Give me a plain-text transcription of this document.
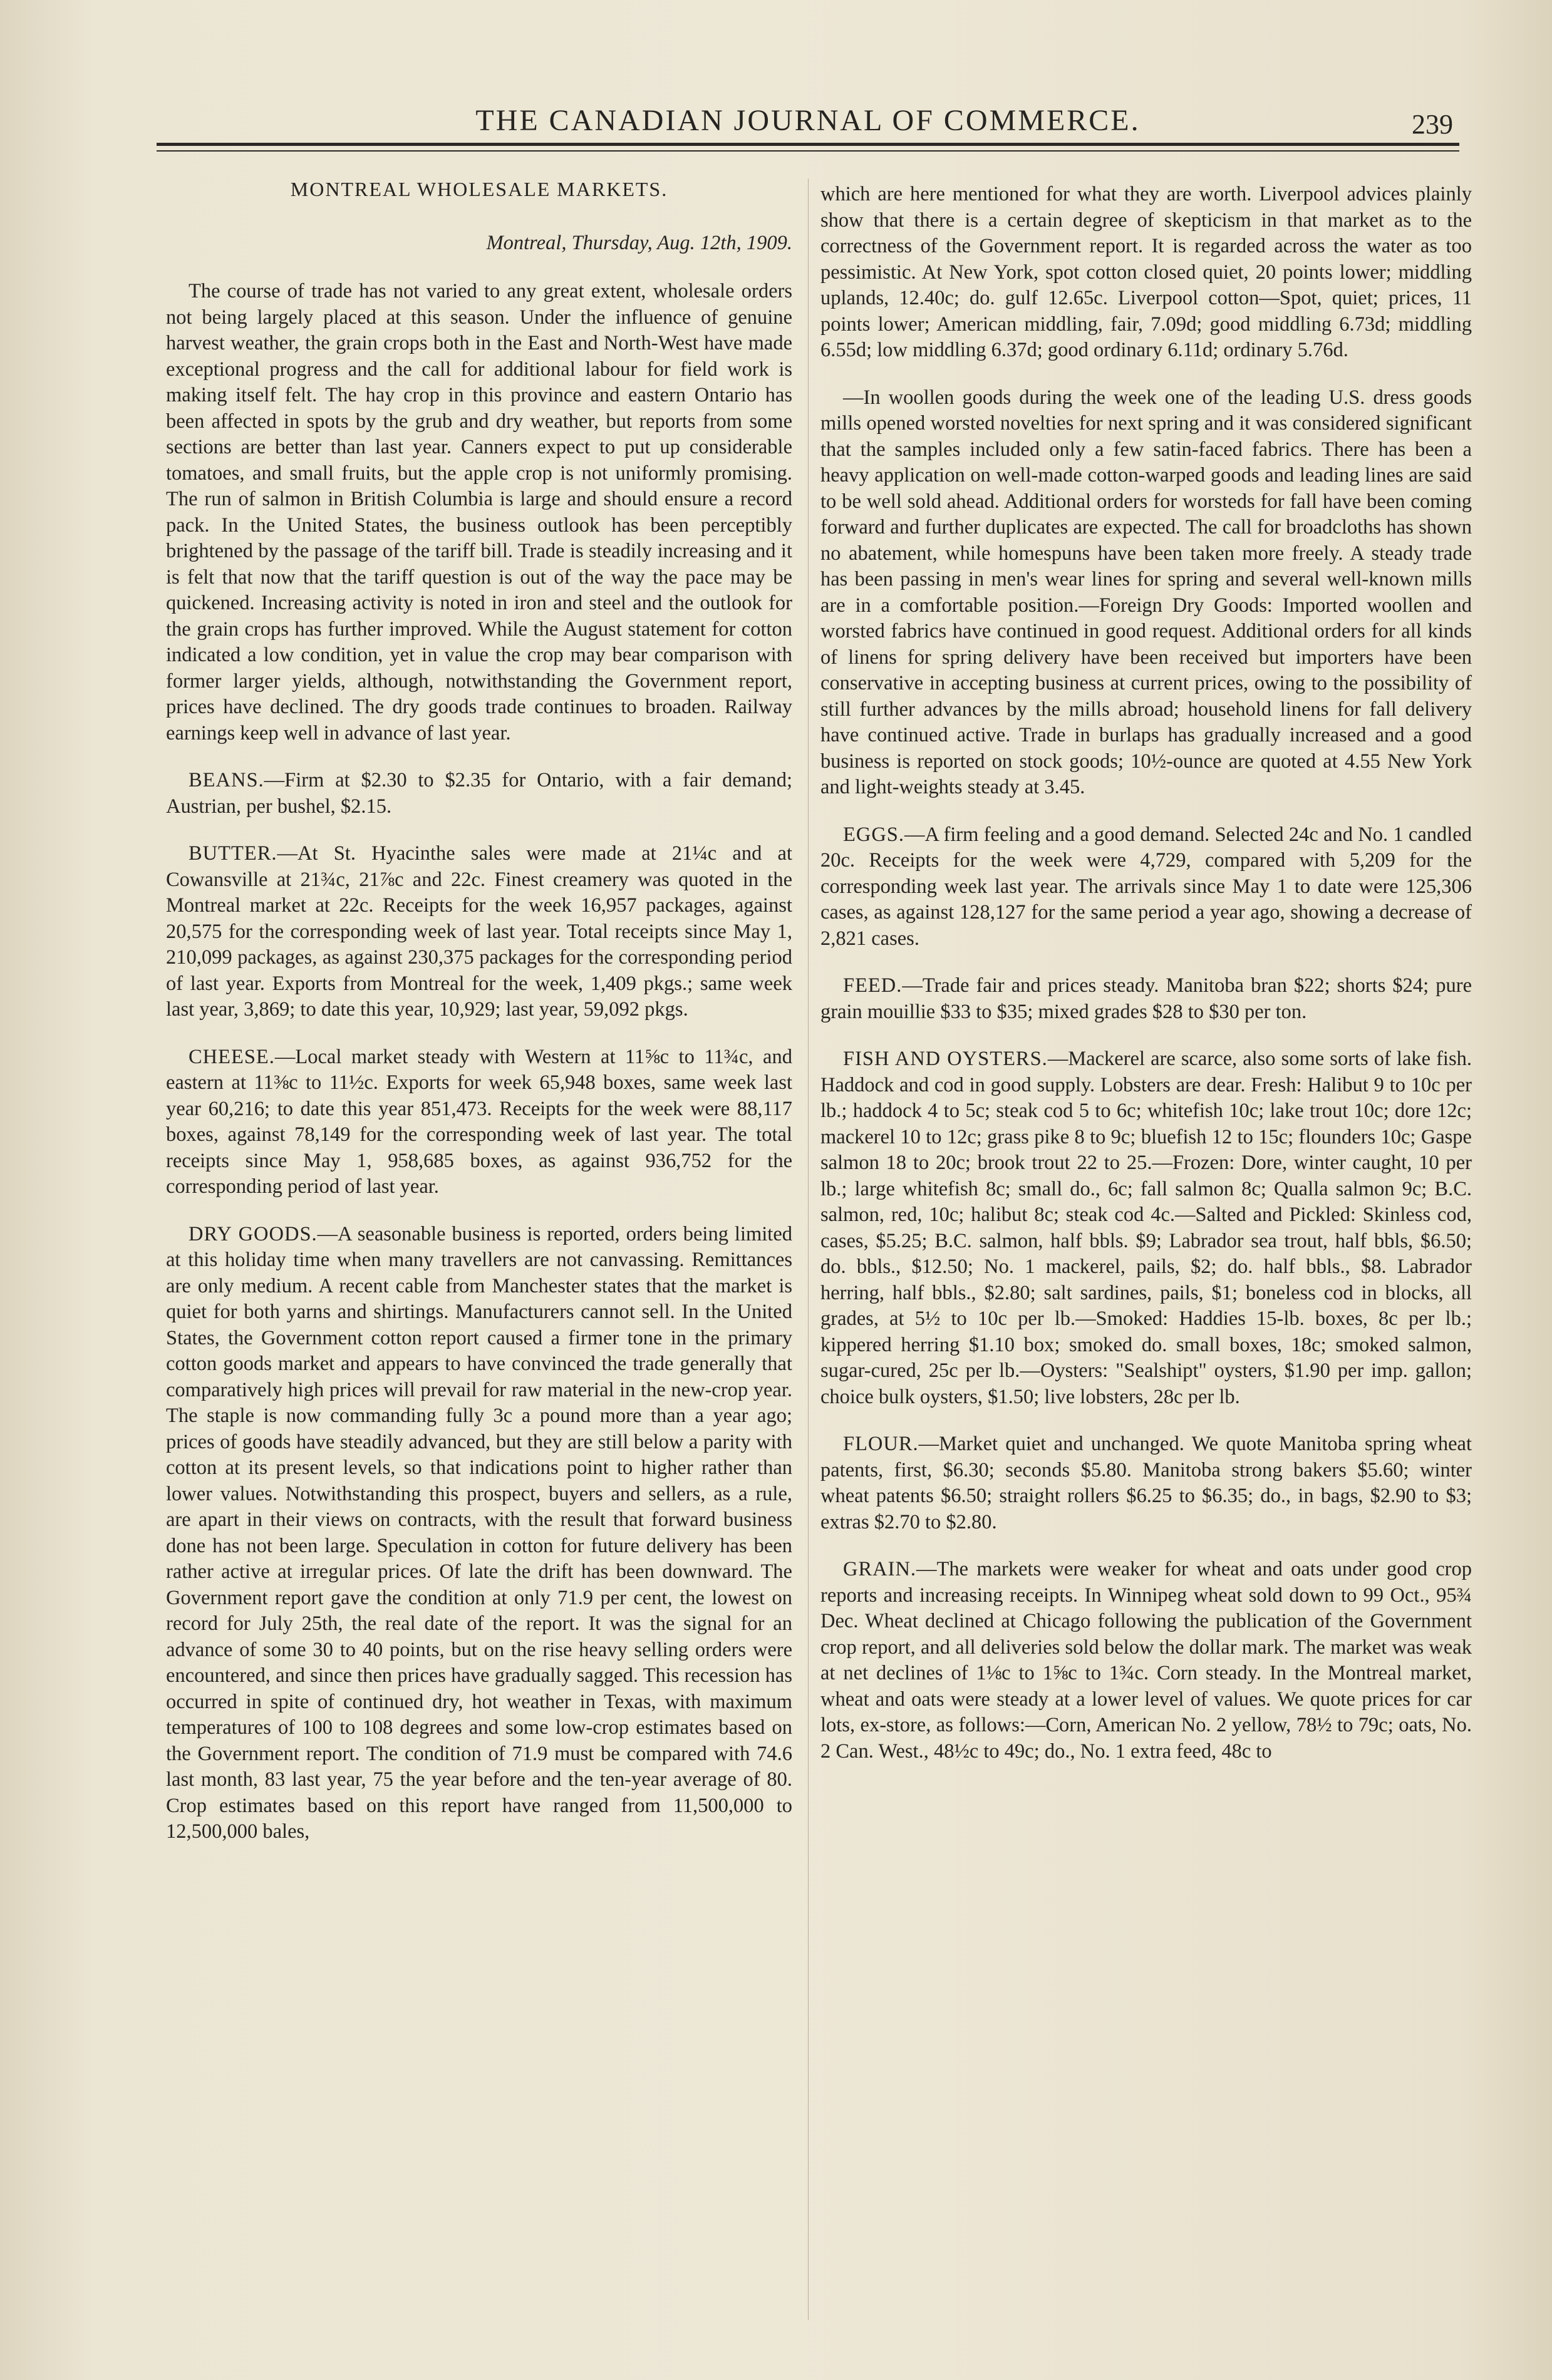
THE CANADIAN JOURNAL OF COMMERCE.	239
MONTREAL WHOLESALE MARKETS.
Montreal, Thursday, Aug. 12th, 1909.

The course of trade has not varied to any great extent, wholesale orders not being largely placed at this season. Under the influence of genuine harvest weather, the grain crops both in the East and North-West have made exceptional progress and the call for additional labour for field work is making itself felt. The hay crop in this province and eastern Ontario has been affected in spots by the grub and dry weather, but reports from some sections are better than last year. Canners expect to put up considerable tomatoes, and small fruits, but the apple crop is not uniformly promising. The run of salmon in British Columbia is large and should ensure a record pack. In the United States, the business outlook has been perceptibly brightened by the passage of the tariff bill. Trade is steadily increasing and it is felt that now that the tariff question is out of the way the pace may be quickened. Increasing activity is noted in iron and steel and the outlook for the grain crops has further improved. While the August statement for cotton indicated a low condition, yet in value the crop may bear comparison with former larger yields, although, notwithstanding the Government report, prices have declined. The dry goods trade continues to broaden. Railway earnings keep well in advance of last year.

BEANS.—Firm at $2.30 to $2.35 for Ontario, with a fair demand; Austrian, per bushel, $2.15.

BUTTER.—At St. Hyacinthe sales were made at 21¼c and at Cowansville at 21¾c, 21⅞c and 22c. Finest creamery was quoted in the Montreal market at 22c. Receipts for the week 16,957 packages, against 20,575 for the corresponding week of last year. Total receipts since May 1, 210,099 packages, as against 230,375 packages for the corresponding period of last year. Exports from Montreal for the week, 1,409 pkgs.; same week last year, 3,869; to date this year, 10,929; last year, 59,092 pkgs.

CHEESE.—Local market steady with Western at 11⅝c to 11¾c, and eastern at 11⅜c to 11½c. Exports for week 65,948 boxes, same week last year 60,216; to date this year 851,473. Receipts for the week were 88,117 boxes, against 78,149 for the corresponding week of last year. The total receipts since May 1, 958,685 boxes, as against 936,752 for the corresponding period of last year.

DRY GOODS.—A seasonable business is reported, orders being limited at this holiday time when many travellers are not canvassing. Remittances are only medium. A recent cable from Manchester states that the market is quiet for both yarns and shirtings. Manufacturers cannot sell. In the United States, the Government cotton report caused a firmer tone in the primary cotton goods market and appears to have convinced the trade generally that comparatively high prices will prevail for raw material in the new-crop year. The staple is now commanding fully 3c a pound more than a year ago; prices of goods have steadily advanced, but they are still below a parity with cotton at its present levels, so that indications point to higher rather than lower values. Notwithstanding this prospect, buyers and sellers, as a rule, are apart in their views on contracts, with the result that forward business done has not been large. Speculation in cotton for future delivery has been rather active at irregular prices. Of late the drift has been downward. The Government report gave the condition at only 71.9 per cent, the lowest on record for July 25th, the real date of the report. It was the signal for an advance of some 30 to 40 points, but on the rise heavy selling orders were encountered, and since then prices have gradually sagged. This recession has occurred in spite of continued dry, hot weather in Texas, with maximum temperatures of 100 to 108 degrees and some low-crop estimates based on the Government report. The condition of 71.9 must be compared with 74.6 last month, 83 last year, 75 the year before and the ten-year average of 80. Crop estimates based on this report have ranged from 11,500,000 to 12,500,000 bales,

which are here mentioned for what they are worth. Liverpool advices plainly show that there is a certain degree of skepticism in that market as to the correctness of the Government report. It is regarded across the water as too pessimistic. At New York, spot cotton closed quiet, 20 points lower; middling uplands, 12.40c; do. gulf 12.65c. Liverpool cotton—Spot, quiet; prices, 11 points lower; American middling, fair, 7.09d; good middling 6.73d; middling 6.55d; low middling 6.37d; good ordinary 6.11d; ordinary 5.76d.

—In woollen goods during the week one of the leading U.S. dress goods mills opened worsted novelties for next spring and it was considered significant that the samples included only a few satin-faced fabrics. There has been a heavy application on well-made cotton-warped goods and leading lines are said to be well sold ahead. Additional orders for worsteds for fall have been coming forward and further duplicates are expected. The call for broadcloths has shown no abatement, while homespuns have been taken more freely. A steady trade has been passing in men's wear lines for spring and several well-known mills are in a comfortable position.—Foreign Dry Goods: Imported woollen and worsted fabrics have continued in good request. Additional orders for all kinds of linens for spring delivery have been received but importers have been conservative in accepting business at current prices, owing to the possibility of still further advances by the mills abroad; household linens for fall delivery have continued active. Trade in burlaps has gradually increased and a good business is reported on stock goods; 10½-ounce are quoted at 4.55 New York and light-weights steady at 3.45.

EGGS.—A firm feeling and a good demand. Selected 24c and No. 1 candled 20c. Receipts for the week were 4,729, compared with 5,209 for the corresponding week last year. The arrivals since May 1 to date were 125,306 cases, as against 128,127 for the same period a year ago, showing a decrease of 2,821 cases.

FEED.—Trade fair and prices steady. Manitoba bran $22; shorts $24; pure grain mouillie $33 to $35; mixed grades $28 to $30 per ton.

FISH AND OYSTERS.—Mackerel are scarce, also some sorts of lake fish. Haddock and cod in good supply. Lobsters are dear. Fresh: Halibut 9 to 10c per lb.; haddock 4 to 5c; steak cod 5 to 6c; whitefish 10c; lake trout 10c; dore 12c; mackerel 10 to 12c; grass pike 8 to 9c; bluefish 12 to 15c; flounders 10c; Gaspe salmon 18 to 20c; brook trout 22 to 25.—Frozen: Dore, winter caught, 10 per lb.; large whitefish 8c; small do., 6c; fall salmon 8c; Qualla salmon 9c; B.C. salmon, red, 10c; halibut 8c; steak cod 4c.—Salted and Pickled: Skinless cod, cases, $5.25; B.C. salmon, half bbls. $9; Labrador sea trout, half bbls, $6.50; do. bbls., $12.50; No. 1 mackerel, pails, $2; do. half bbls., $8. Labrador herring, half bbls., $2.80; salt sardines, pails, $1; boneless cod in blocks, all grades, at 5½ to 10c per lb.—Smoked: Haddies 15-lb. boxes, 8c per lb.; kippered herring $1.10 box; smoked do. small boxes, 18c; smoked salmon, sugar-cured, 25c per lb.—Oysters: "Sealshipt" oysters, $1.90 per imp. gallon; choice bulk oysters, $1.50; live lobsters, 28c per lb.

FLOUR.—Market quiet and unchanged. We quote Manitoba spring wheat patents, first, $6.30; seconds $5.80. Manitoba strong bakers $5.60; winter wheat patents $6.50; straight rollers $6.25 to $6.35; do., in bags, $2.90 to $3; extras $2.70 to $2.80.

GRAIN.—The markets were weaker for wheat and oats under good crop reports and increasing receipts. In Winnipeg wheat sold down to 99 Oct., 95¾ Dec. Wheat declined at Chicago following the publication of the Government crop report, and all deliveries sold below the dollar mark. The market was weak at net declines of 1⅛c to 1⅝c to 1¾c. Corn steady. In the Montreal market, wheat and oats were steady at a lower level of values. We quote prices for car lots, ex-store, as follows:—Corn, American No. 2 yellow, 78½ to 79c; oats, No. 2 Can. West., 48½c to 49c; do., No. 1 extra feed, 48c to
